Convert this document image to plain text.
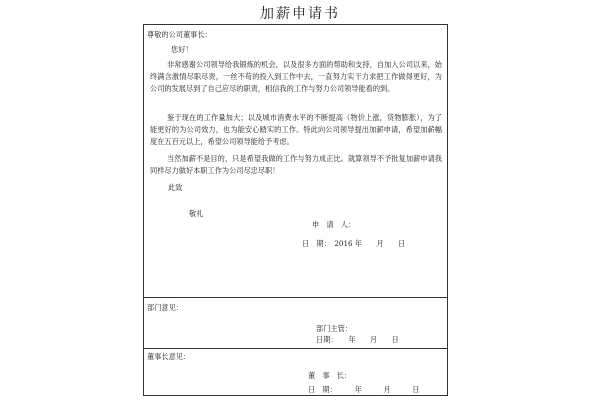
加薪申请书
尊敬的公司董事长：
您好！
非常感谢公司领导给我锻炼的机会，以及很多方面的帮助和支持，自加入公司以来，始终满含激情尽职尽责，一丝不苟的投入到工作中去，一直努力实干力求把工作做得更好，为公司的发展尽到了自己应尽的职责，相信我的工作与努力公司领导能看的到。
鉴于现在的工作量加大；以及城市消费水平的不断提高（物价上涨，货物膨胀），为了能更好的为公司效力，也为能安心踏实的工作。特此向公司领导提出加薪申请，希望加薪幅度在五百元以上，希望公司领导能给予考虑。
当然加薪不是目的，只是希望我做的工作与努力成正比。就算领导不予批复加薪申请我同样尽力做好本职工作为公司尽忠尽职！
此致
敬礼
申　请　人：
日　期：　2016 年　　月　　日
部门意见：
部门主管：
日期：　　年　　月　　日
董事长意见：
董　事　长：
日　期：　　　年　　　月　　　日
